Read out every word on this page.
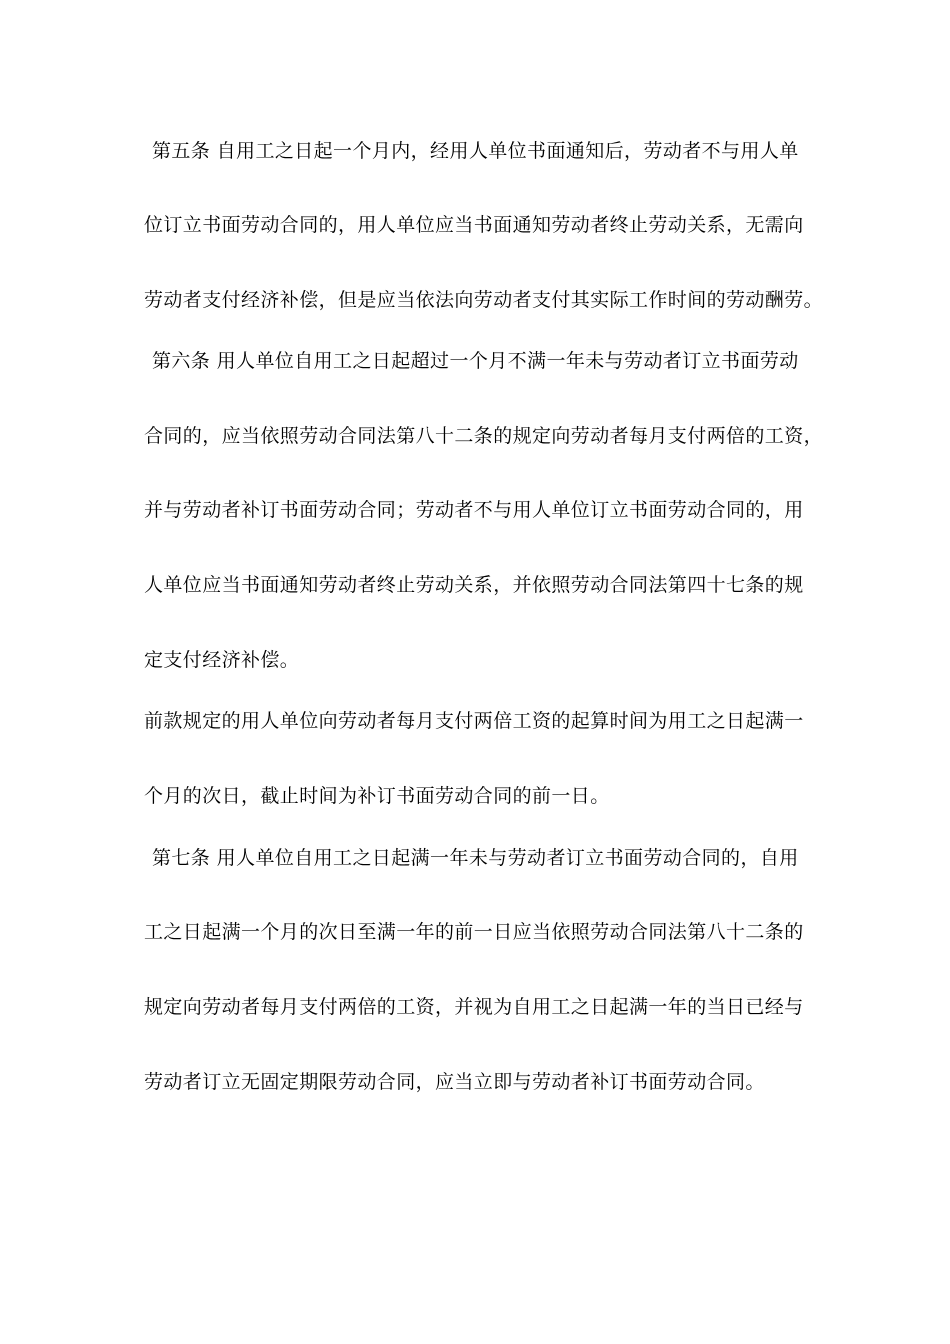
第五条 自用工之日起一个月内，经用人单位书面通知后，劳动者不与用人单
位订立书面劳动合同的，用人单位应当书面通知劳动者终止劳动关系，无需向
劳动者支付经济补偿，但是应当依法向劳动者支付其实际工作时间的劳动酬劳。
第六条 用人单位自用工之日起超过一个月不满一年未与劳动者订立书面劳动
合同的，应当依照劳动合同法第八十二条的规定向劳动者每月支付两倍的工资，
并与劳动者补订书面劳动合同；劳动者不与用人单位订立书面劳动合同的，用
人单位应当书面通知劳动者终止劳动关系，并依照劳动合同法第四十七条的规
定支付经济补偿。
前款规定的用人单位向劳动者每月支付两倍工资的起算时间为用工之日起满一
个月的次日，截止时间为补订书面劳动合同的前一日。
第七条 用人单位自用工之日起满一年未与劳动者订立书面劳动合同的，自用
工之日起满一个月的次日至满一年的前一日应当依照劳动合同法第八十二条的
规定向劳动者每月支付两倍的工资，并视为自用工之日起满一年的当日已经与
劳动者订立无固定期限劳动合同，应当立即与劳动者补订书面劳动合同。
